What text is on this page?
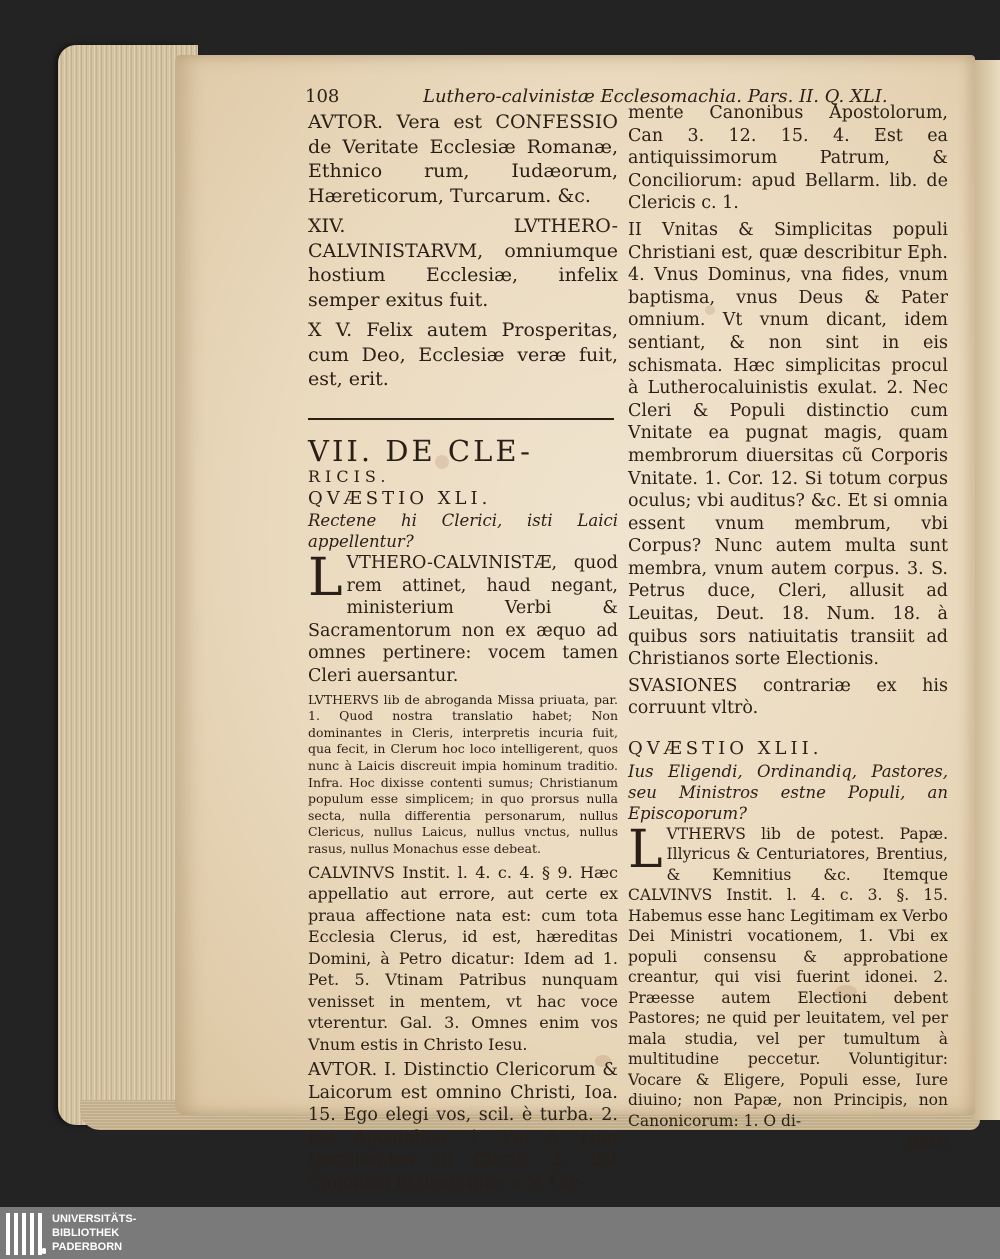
108	Luthero-calvinistæ Ecclesomachia. Pars. II. Q. XLI.

AVTOR. Vera est CONFESSIO de Veritate Ecclesiæ Romanæ, Ethnico rum, Iudæorum, Hæreticorum, Turcarum. &c.

XIV. LVTHERO-CALVINISTARVM, omniumque hostium Ecclesiæ, infelix semper exitus fuit.

X V. Felix autem Prosperitas, cum Deo, Ecclesiæ veræ fuit, est, erit.

VII. DE CLE-

RICIS.

QVÆSTIO XLI.

Rectene hi Clerici, isti Laici appellentur?

L VTHERO-CALVINISTÆ, quod rem attinet, haud negant, ministerium Verbi & Sacramentorum non ex æquo ad omnes pertinere: vocem tamen Cleri auersantur.

LVTHERVS lib de abroganda Missa priuata, par. 1. Quod nostra translatio habet; Non dominantes in Cleris, interpretis incuria fuit, qua fecit, in Clerum hoc loco intelligerent, quos nunc à Laicis discreuit impia hominum traditio. Infra. Hoc dixisse contenti sumus; Christianum populum esse simplicem; in quo prorsus nulla secta, nulla differentia personarum, nullus Clericus, nullus Laicus, nullus vnctus, nullus rasus, nullus Monachus esse debeat.

CALVINVS Instit. l. 4. c. 4. § 9. Hæc appellatio aut errore, aut certe ex praua affectione nata est: cum tota Ecclesia Clerus, id est, hæreditas Domini, à Petro dicatur: Idem ad 1. Pet. 5. Vtinam Patribus nunquam venisset in mentem, vt hac voce vterentur. Gal. 3. Omnes enim vos Vnum estis in Christo Iesu.

AVTOR. I. Distinctio Clericorum & Laicorum est omnino Christi, Ioa. 15. Ego elegi vos, scil. è turba. 2. Est Apostolica, 1. Pet 5. Non Dominantes in Cleris. 3. Est Canonica in descriptis à S. Cle-

mente Canonibus Apostolorum, Can 3. 12. 15. 4. Est ea antiquissimorum Patrum, & Conciliorum: apud Bellarm. lib. de Clericis c. 1.

II Vnitas & Simplicitas populi Christiani est, quæ describitur Eph. 4. Vnus Dominus, vna fides, vnum baptisma, vnus Deus & Pater omnium. Vt vnum dicant, idem sentiant, & non sint in eis schismata. Hæc simplicitas procul à Lutherocaluinistis exulat. 2. Nec Cleri & Populi distinctio cum Vnitate ea pugnat magis, quam membrorum diuersitas cũ Corporis Vnitate. 1. Cor. 12. Si totum corpus oculus; vbi auditus? &c. Et si omnia essent vnum membrum, vbi Corpus? Nunc autem multa sunt membra, vnum autem corpus. 3. S. Petrus duce, Cleri, allusit ad Leuitas, Deut. 18. Num. 18. à quibus sors natiuitatis transiit ad Christianos sorte Electionis.

SVASIONES contrariæ ex his corruunt vltrò.

QVÆSTIO XLII.

Ius Eligendi, Ordinandiq, Pastores, seu Ministros estne Populi, an Episcoporum?

L VTHERVS lib de potest. Papæ. Illyricus & Centuriatores, Brentius, & Kemnitius &c. Itemque CALVINVS Instit. l. 4. c. 3. §. 15. Habemus esse hanc Legitimam ex Verbo Dei Ministri vocationem, 1. Vbi ex populi consensu & approbatione creantur, qui visi fuerint idonei. 2. Præesse autem Electioni debent Pastores; ne quid per leuitatem, vel per mala studia, vel per tumultum à multitudine peccetur. Voluntigitur: Vocare & Eligere, Populi esse, Iure diuino; non Papæ, non Principis, non Canonicorum: 1. O di-

nare

UNIVERSITÄTS-
BIBLIOTHEK
PADERBORN
